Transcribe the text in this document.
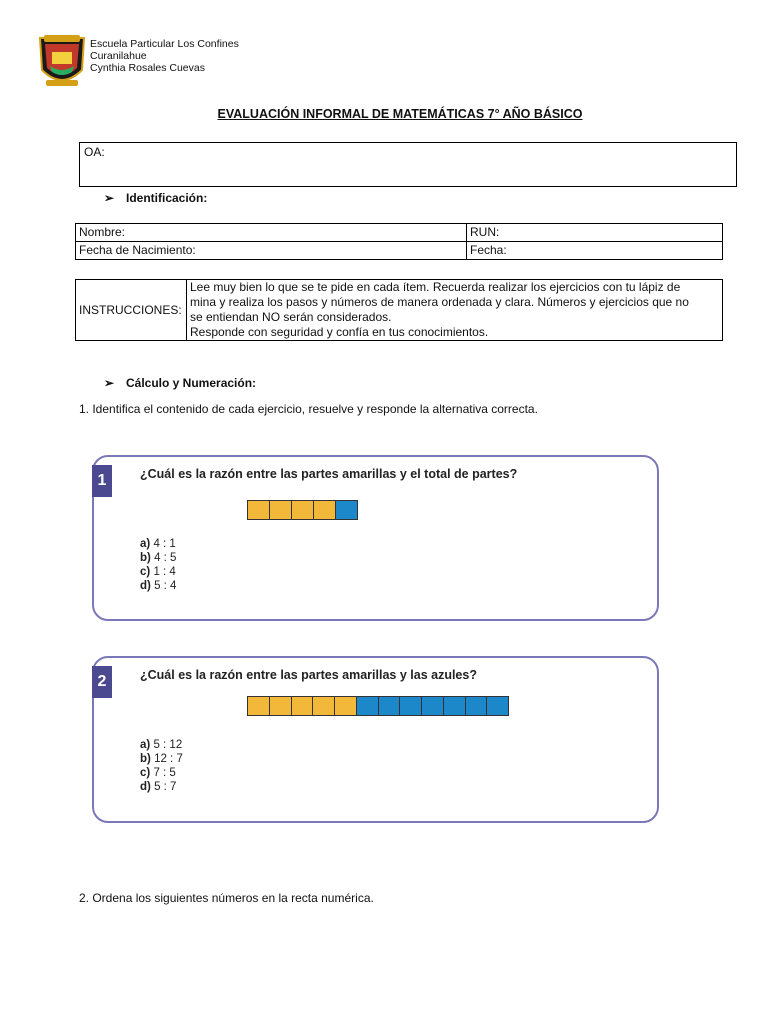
Escuela Particular Los Confines
Curanilahue
Cynthia Rosales Cuevas
EVALUACIÓN INFORMAL DE MATEMÁTICAS 7° AÑO BÁSICO
OA:
➢ Identificación:
Nombre:	RUN:
Fecha de Nacimiento:	Fecha:
INSTRUCCIONES:	
Lee muy bien lo que se te pide en cada ítem. Recuerda realizar los ejercicios con tu lápiz de
mina y realiza los pasos y números de manera ordenada y clara. Números y ejercicios que no
se entiendan NO serán considerados.
Responde con seguridad y confía en tus conocimientos.
➢ Cálculo y Numeración:
1. Identifica el contenido de cada ejercicio, resuelve y responde la alternativa correcta.
1	¿Cuál es la razón entre las partes amarillas y el total de partes?
a) 4 : 1
b) 4 : 5
c) 1 : 4
d) 5 : 4
2	¿Cuál es la razón entre las partes amarillas y las azules?
a) 5 : 12
b) 12 : 7
c) 7 : 5
d) 5 : 7
2. Ordena los siguientes números en la recta numérica.
